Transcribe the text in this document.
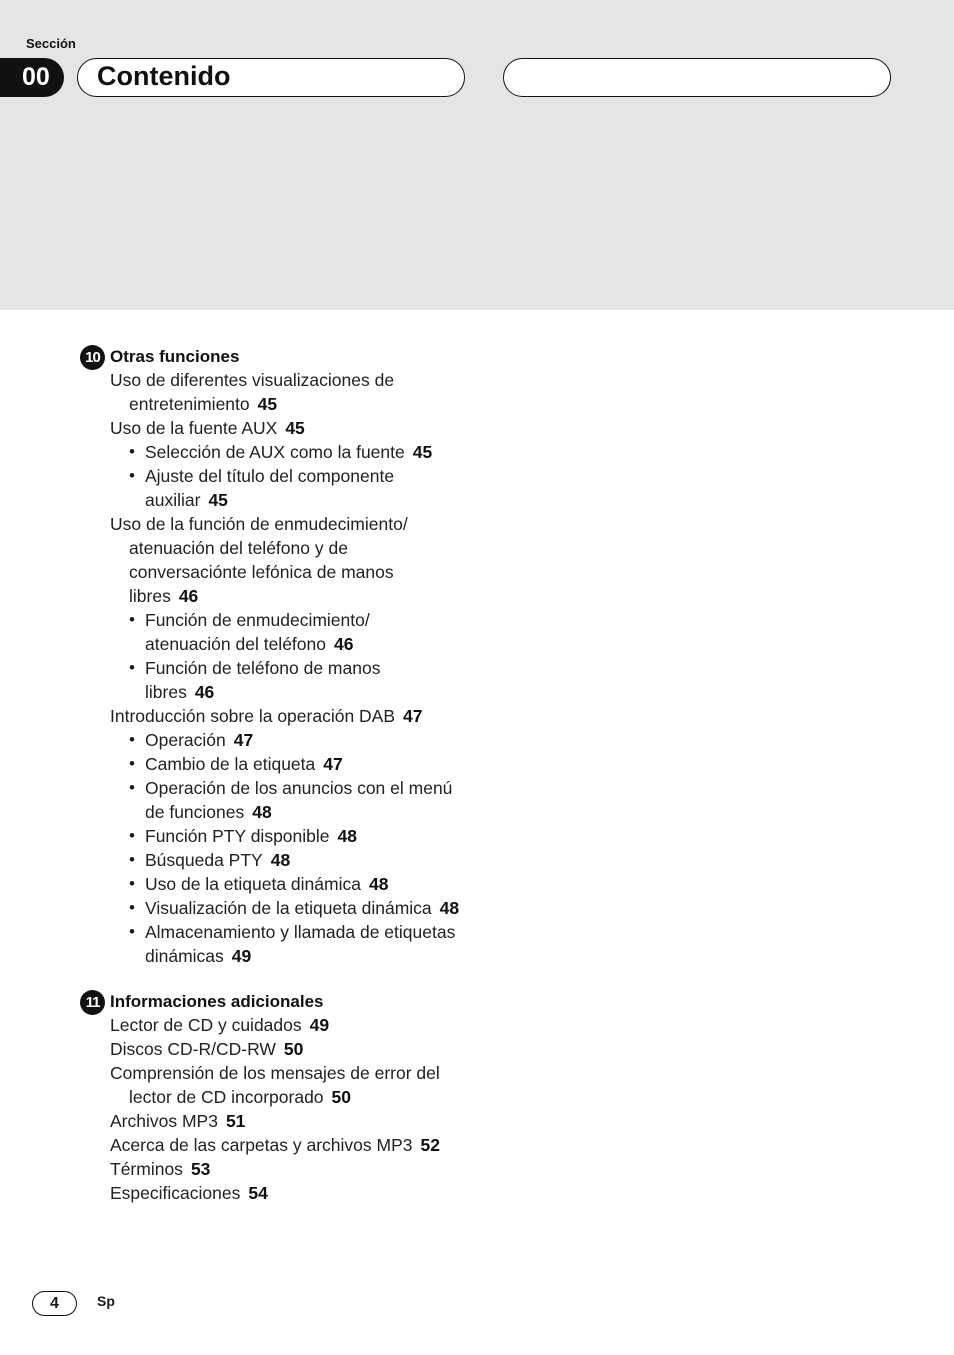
Sección
00	Contenido
10 Otras funciones
Uso de diferentes visualizaciones de
entretenimiento 45
Uso de la fuente AUX 45
• Selección de AUX como la fuente 45
• Ajuste del título del componente
auxiliar 45
Uso de la función de enmudecimiento/
atenuación del teléfono y de
conversaciónte lefónica de manos
libres 46
• Función de enmudecimiento/
atenuación del teléfono 46
• Función de teléfono de manos
libres 46
Introducción sobre la operación DAB 47
• Operación 47
• Cambio de la etiqueta 47
• Operación de los anuncios con el menú
de funciones 48
• Función PTY disponible 48
• Búsqueda PTY 48
• Uso de la etiqueta dinámica 48
• Visualización de la etiqueta dinámica 48
• Almacenamiento y llamada de etiquetas
dinámicas 49
11 Informaciones adicionales
Lector de CD y cuidados 49
Discos CD-R/CD-RW 50
Comprensión de los mensajes de error del
lector de CD incorporado 50
Archivos MP3 51
Acerca de las carpetas y archivos MP3 52
Términos 53
Especificaciones 54
4	Sp
